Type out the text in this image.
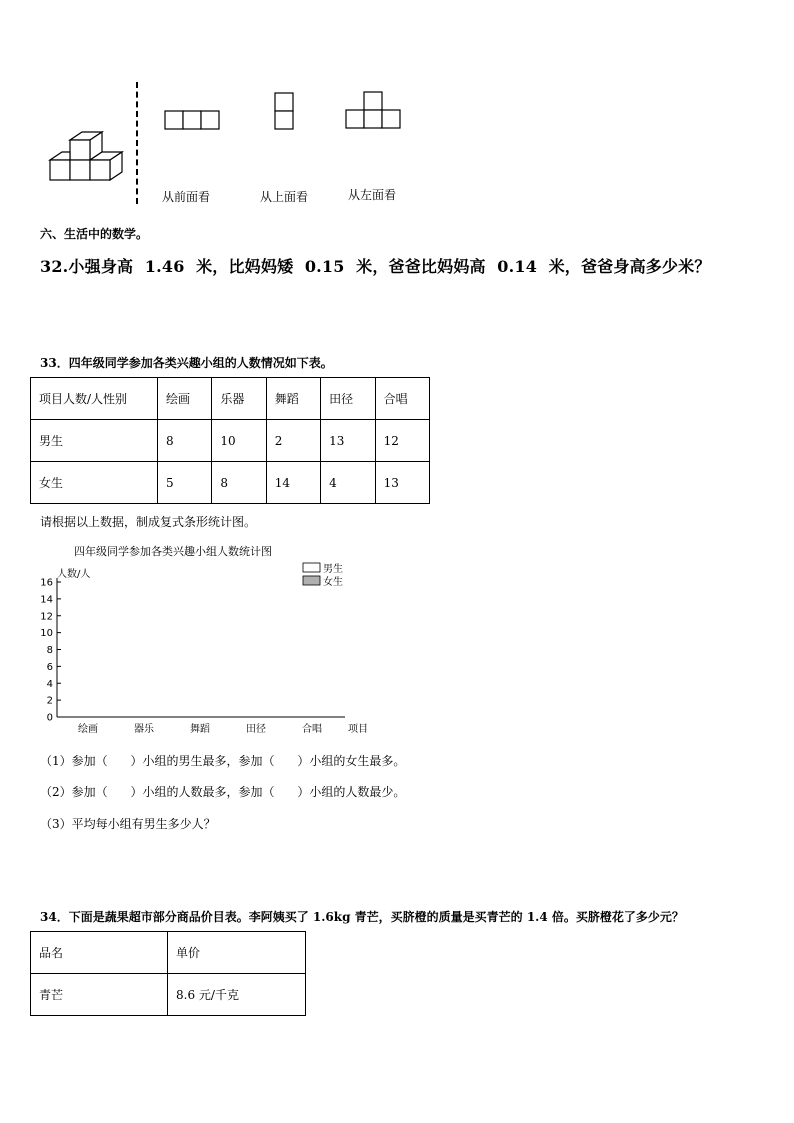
从前面看	从上面看	从左面看
六、生活中的数学。
32.小强身高  1.46  米，比妈妈矮  0.15  米，爸爸比妈妈高  0.14  米，爸爸身高多少米？
33．四年级同学参加各类兴趣小组的人数情况如下表。
项目人数/人性别	绘画	乐器	舞蹈	田径	合唱
男生	8	10	2	13	12
女生	5	8	14	4	13
请根据以上数据，制成复式条形统计图。
四年级同学参加各类兴趣小组人数统计图
人数/人	男生
女生
0
2
4
6
8
10
12
14
16
绘画	器乐	舞蹈	田径	合唱	项目
（1）参加（      ）小组的男生最多，参加（      ）小组的女生最多。
（2）参加（      ）小组的人数最多，参加（      ）小组的人数最少。
（3）平均每小组有男生多少人？
34．下面是蔬果超市部分商品价目表。李阿姨买了 1.6kg 青芒，买脐橙的质量是买青芒的 1.4 倍。买脐橙花了多少元？
品名	单价
青芒	8.6 元/千克
